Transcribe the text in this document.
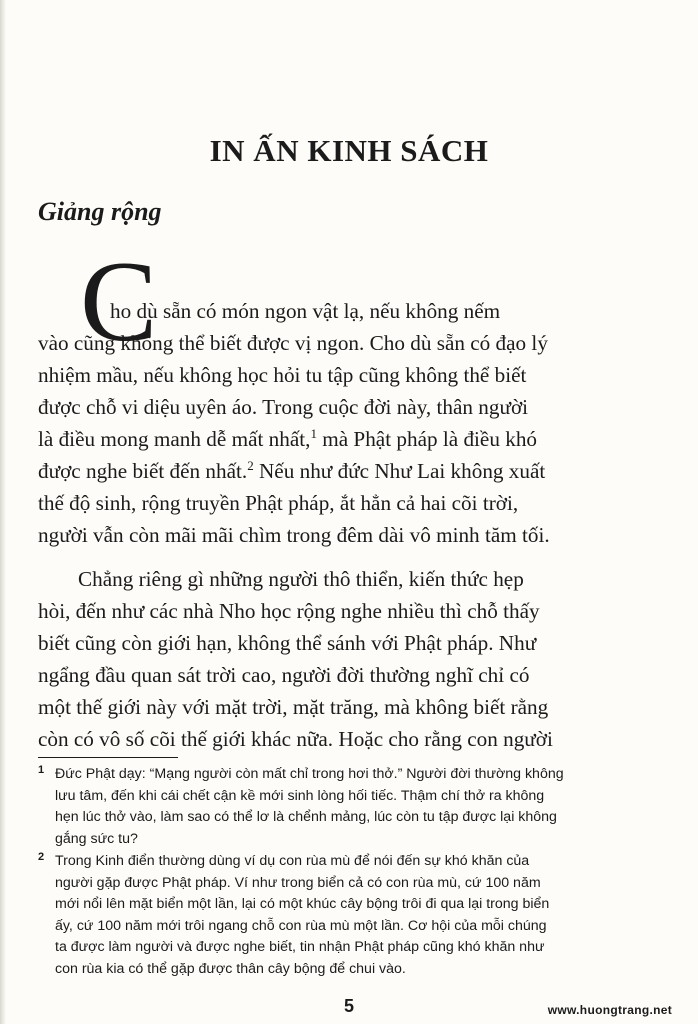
IN ẤN KINH SÁCH
Giảng rộng
C
ho dù sẵn có món ngon vật lạ, nếu không nếm
vào cũng không thể biết được vị ngon. Cho dù sẵn có đạo lý
nhiệm mầu, nếu không học hỏi tu tập cũng không thể biết
được chỗ vi diệu uyên áo. Trong cuộc đời này, thân người
là điều mong manh dễ mất nhất,$^1$ mà Phật pháp là điều khó
được nghe biết đến nhất.$^2$ Nếu như đức Như Lai không xuất
thế độ sinh, rộng truyền Phật pháp, ắt hẳn cả hai cõi trời,
người vẫn còn mãi mãi chìm trong đêm dài vô minh tăm tối.
Chẳng riêng gì những người thô thiển, kiến thức hẹp
hòi, đến như các nhà Nho học rộng nghe nhiều thì chỗ thấy
biết cũng còn giới hạn, không thể sánh với Phật pháp. Như
ngẩng đầu quan sát trời cao, người đời thường nghĩ chỉ có
một thế giới này với mặt trời, mặt trăng, mà không biết rằng
còn có vô số cõi thế giới khác nữa. Hoặc cho rằng con người
1 Đức Phật dạy: “Mạng người còn mất chỉ trong hơi thở.” Người đời thường không
lưu tâm, đến khi cái chết cận kề mới sinh lòng hối tiếc. Thậm chí thở ra không
hẹn lúc thở vào, làm sao có thể lơ là chểnh mảng, lúc còn tu tập được lại không
gắng sức tu?
2 Trong Kinh điển thường dùng ví dụ con rùa mù để nói đến sự khó khăn của
người gặp được Phật pháp. Ví như trong biển cả có con rùa mù, cứ 100 năm
mới nổi lên mặt biển một lần, lại có một khúc cây bộng trôi đi qua lại trong biển
ấy, cứ 100 năm mới trôi ngang chỗ con rùa mù một lần. Cơ hội của mỗi chúng
ta được làm người và được nghe biết, tin nhận Phật pháp cũng khó khăn như
con rùa kia có thể gặp được thân cây bộng để chui vào.
5	www.huongtrang.net
